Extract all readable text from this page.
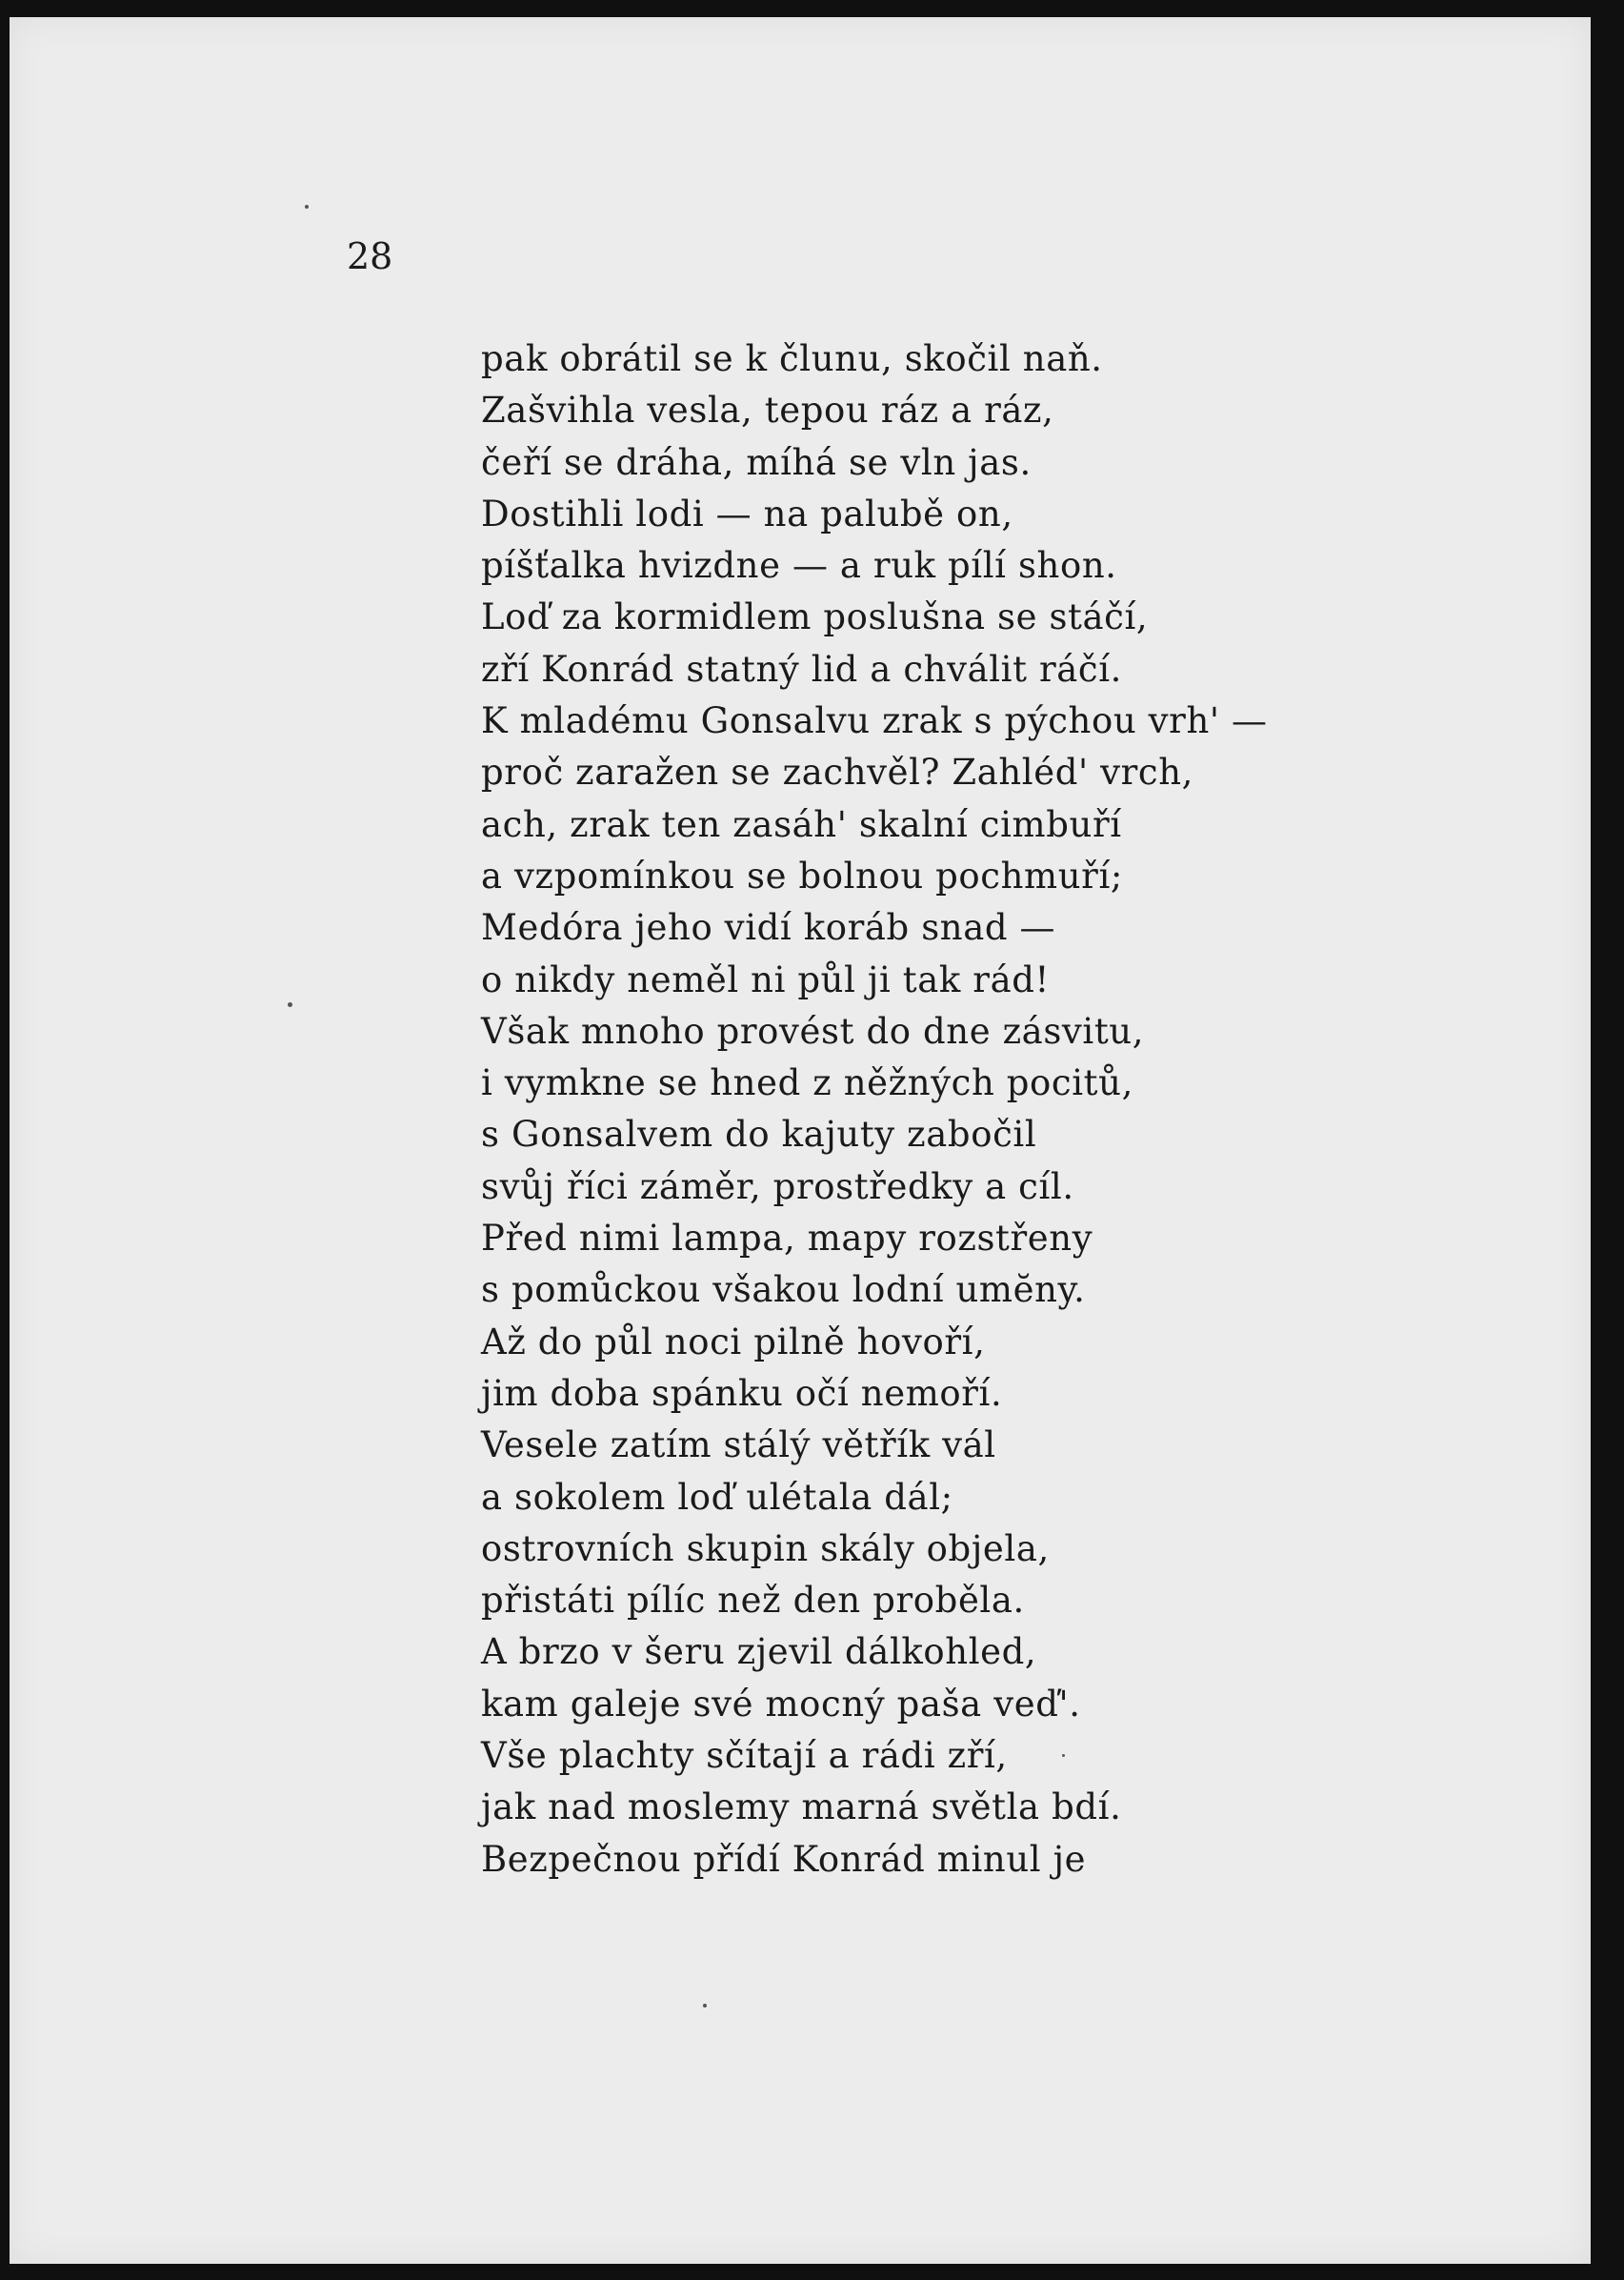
28
pak obrátil se k člunu, skočil naň.
Zašvihla vesla, tepou ráz a ráz,
čeří se dráha, míhá se vln jas.
Dostihli lodi — na palubě on,
píšťalka hvizdne — a ruk pílí shon.
Loď za kormidlem poslušna se stáčí,
zří Konrád statný lid a chválit ráčí.
K mladému Gonsalvu zrak s pýchou vrh' —
proč zaražen se zachvěl? Zahléd' vrch,
ach, zrak ten zasáh' skalní cimbuří
a vzpomínkou se bolnou pochmuří;
Medóra jeho vidí koráb snad —
o nikdy neměl ni půl ji tak rád!
Však mnoho provést do dne zásvitu,
i vymkne se hned z něžných pocitů,
s Gonsalvem do kajuty zabočil
svůj říci záměr, prostředky a cíl.
Před nimi lampa, mapy rozstřeny
s pomůckou všakou lodní umĕny.
Až do půl noci pilně hovoří,
jim doba spánku očí nemoří.
Vesele zatím stálý větřík vál
a sokolem loď ulétala dál;
ostrovních skupin skály objela,
přistáti pílíc než den proběla.
A brzo v šeru zjevil dálkohled,
kam galeje své mocný paša veď'.
Vše plachty sčítají a rádi zří,
jak nad moslemy marná světla bdí.
Bezpečnou přídí Konrád minul je
